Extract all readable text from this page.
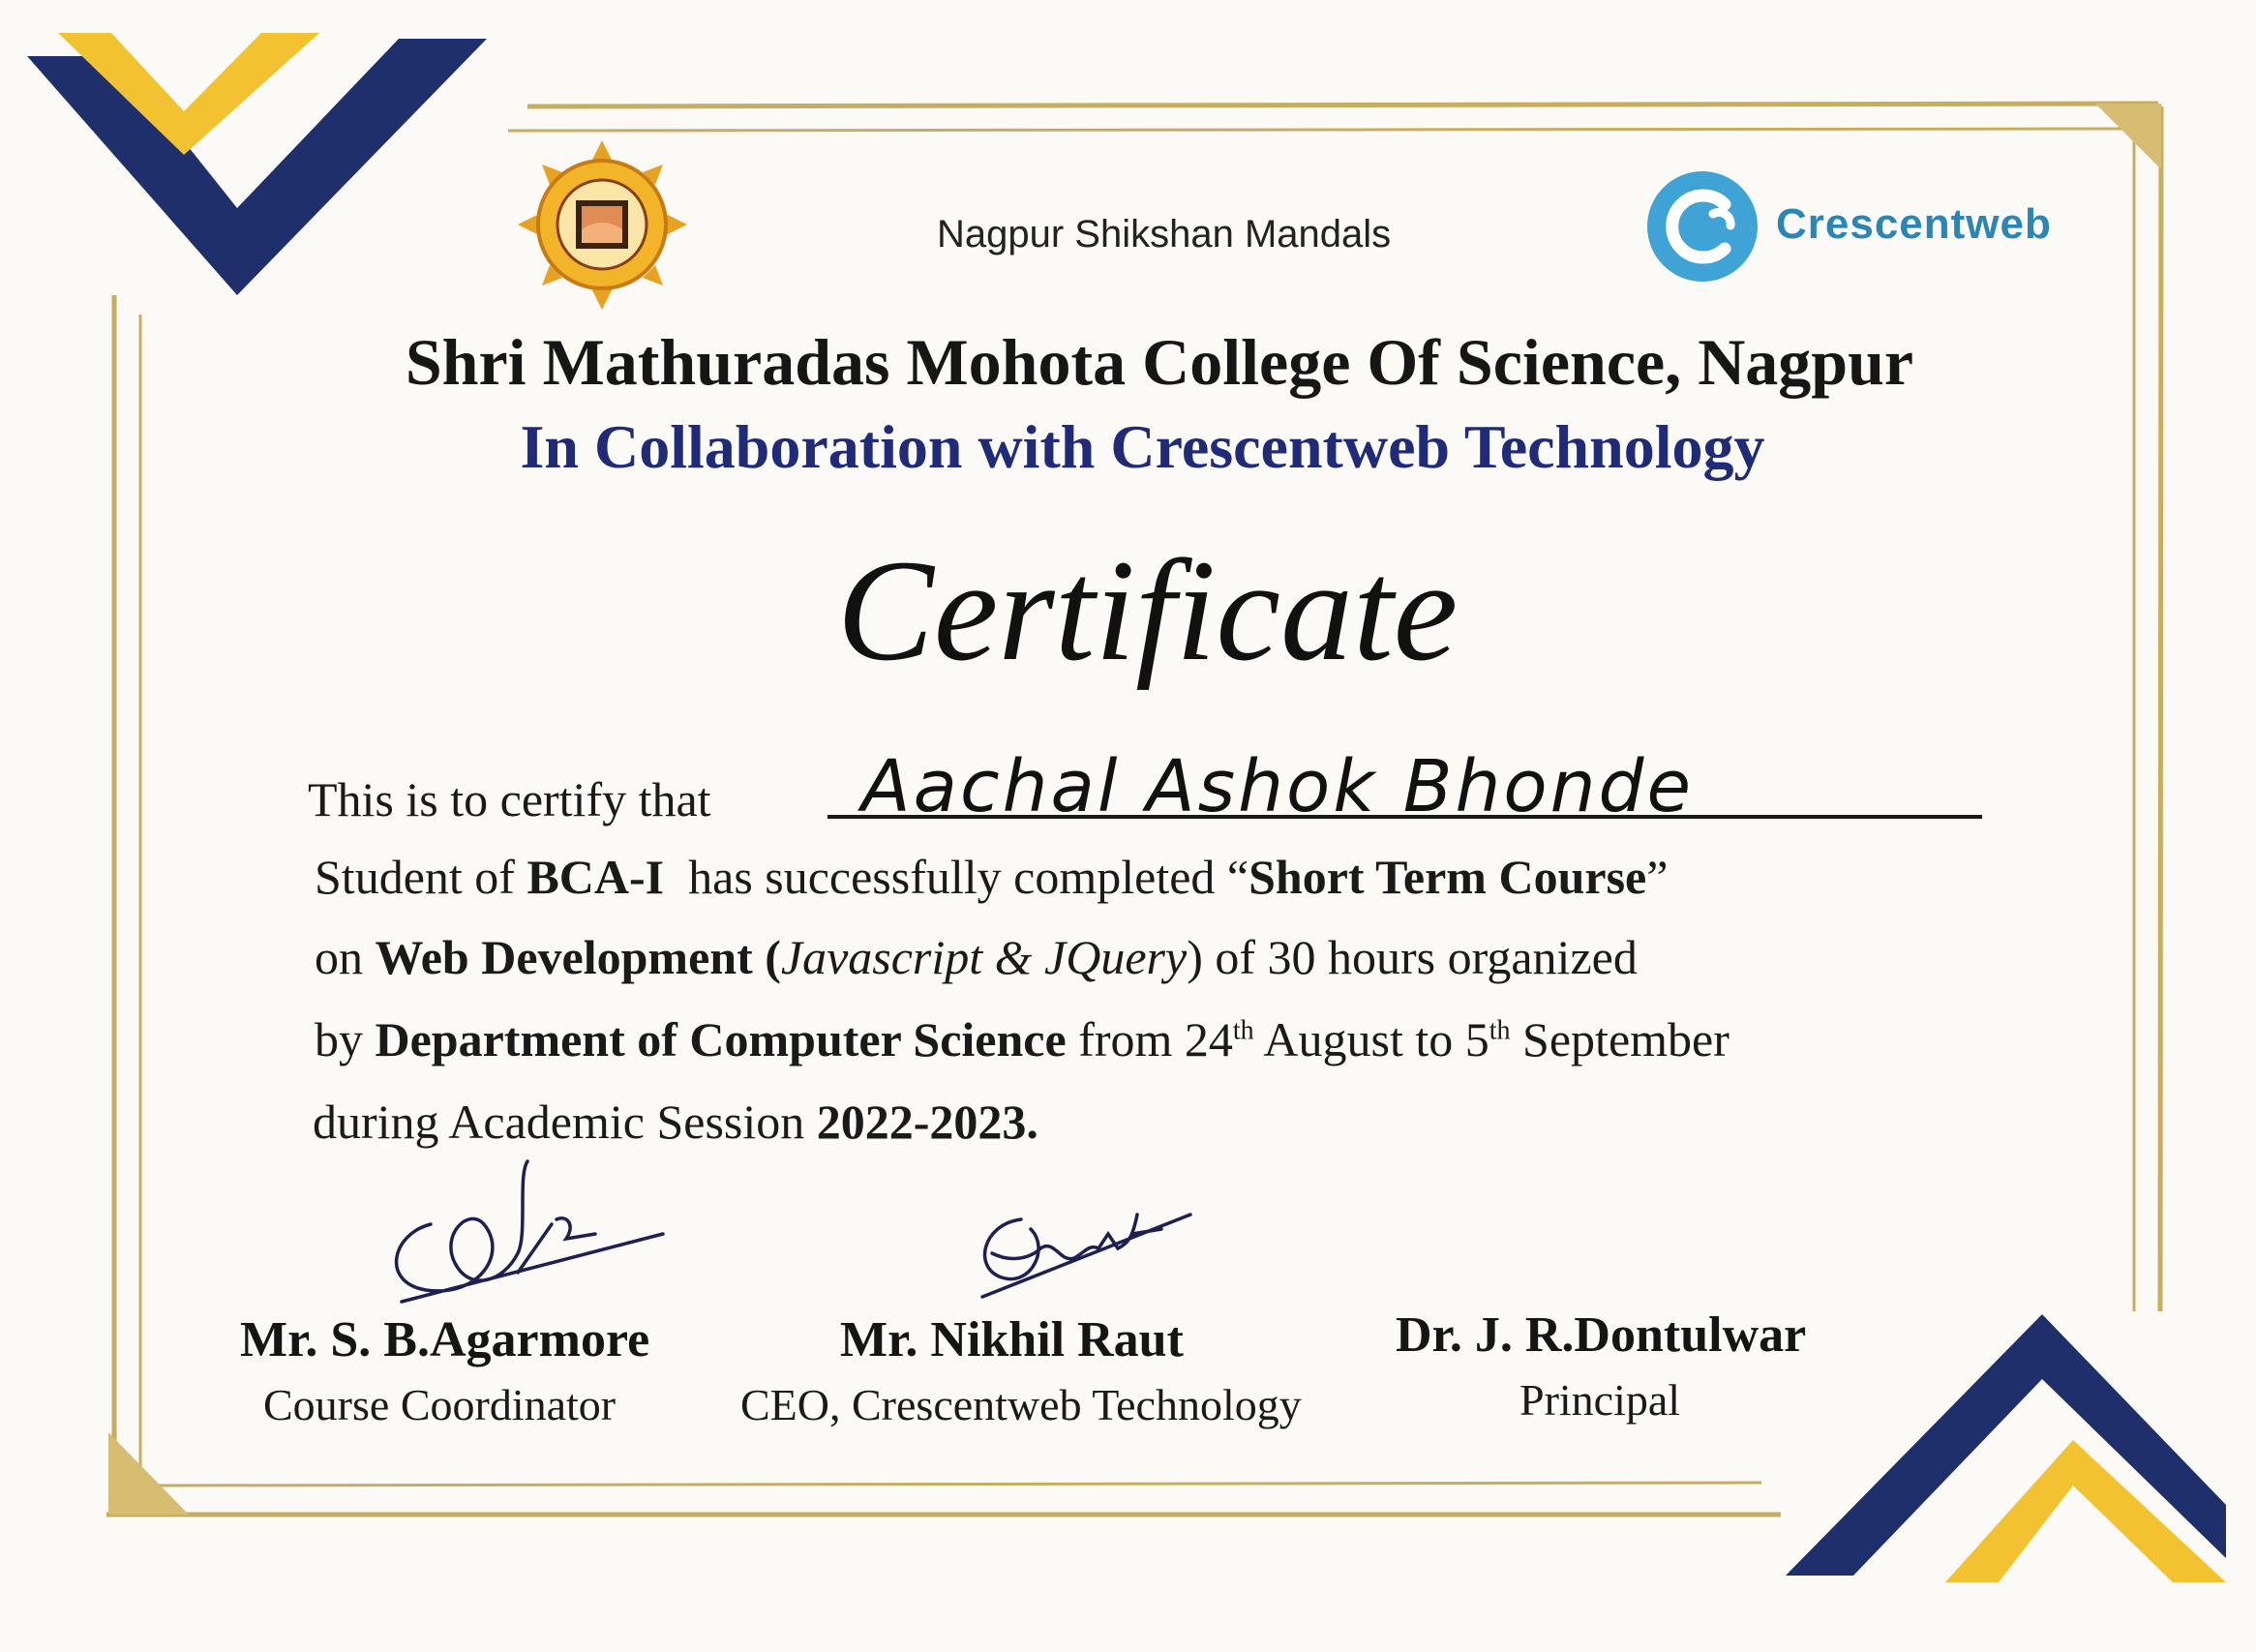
Crescentweb
Nagpur Shikshan Mandals
Shri Mathuradas Mohota College Of Science, Nagpur
In Collaboration with Crescentweb Technology
Certificate
This is to certify that Aachal Ashok Bhonde
Student of BCA-I  has successfully completed “Short Term Course”
on Web Development (Javascript & JQuery) of 30 hours organized
by Department of Computer Science from 24th August to 5th September
during Academic Session 2022-2023.
Mr. S. B.Agarmore
Course Coordinator
Mr. Nikhil Raut
CEO, Crescentweb Technology
Dr. J. R.Dontulwar
Principal
